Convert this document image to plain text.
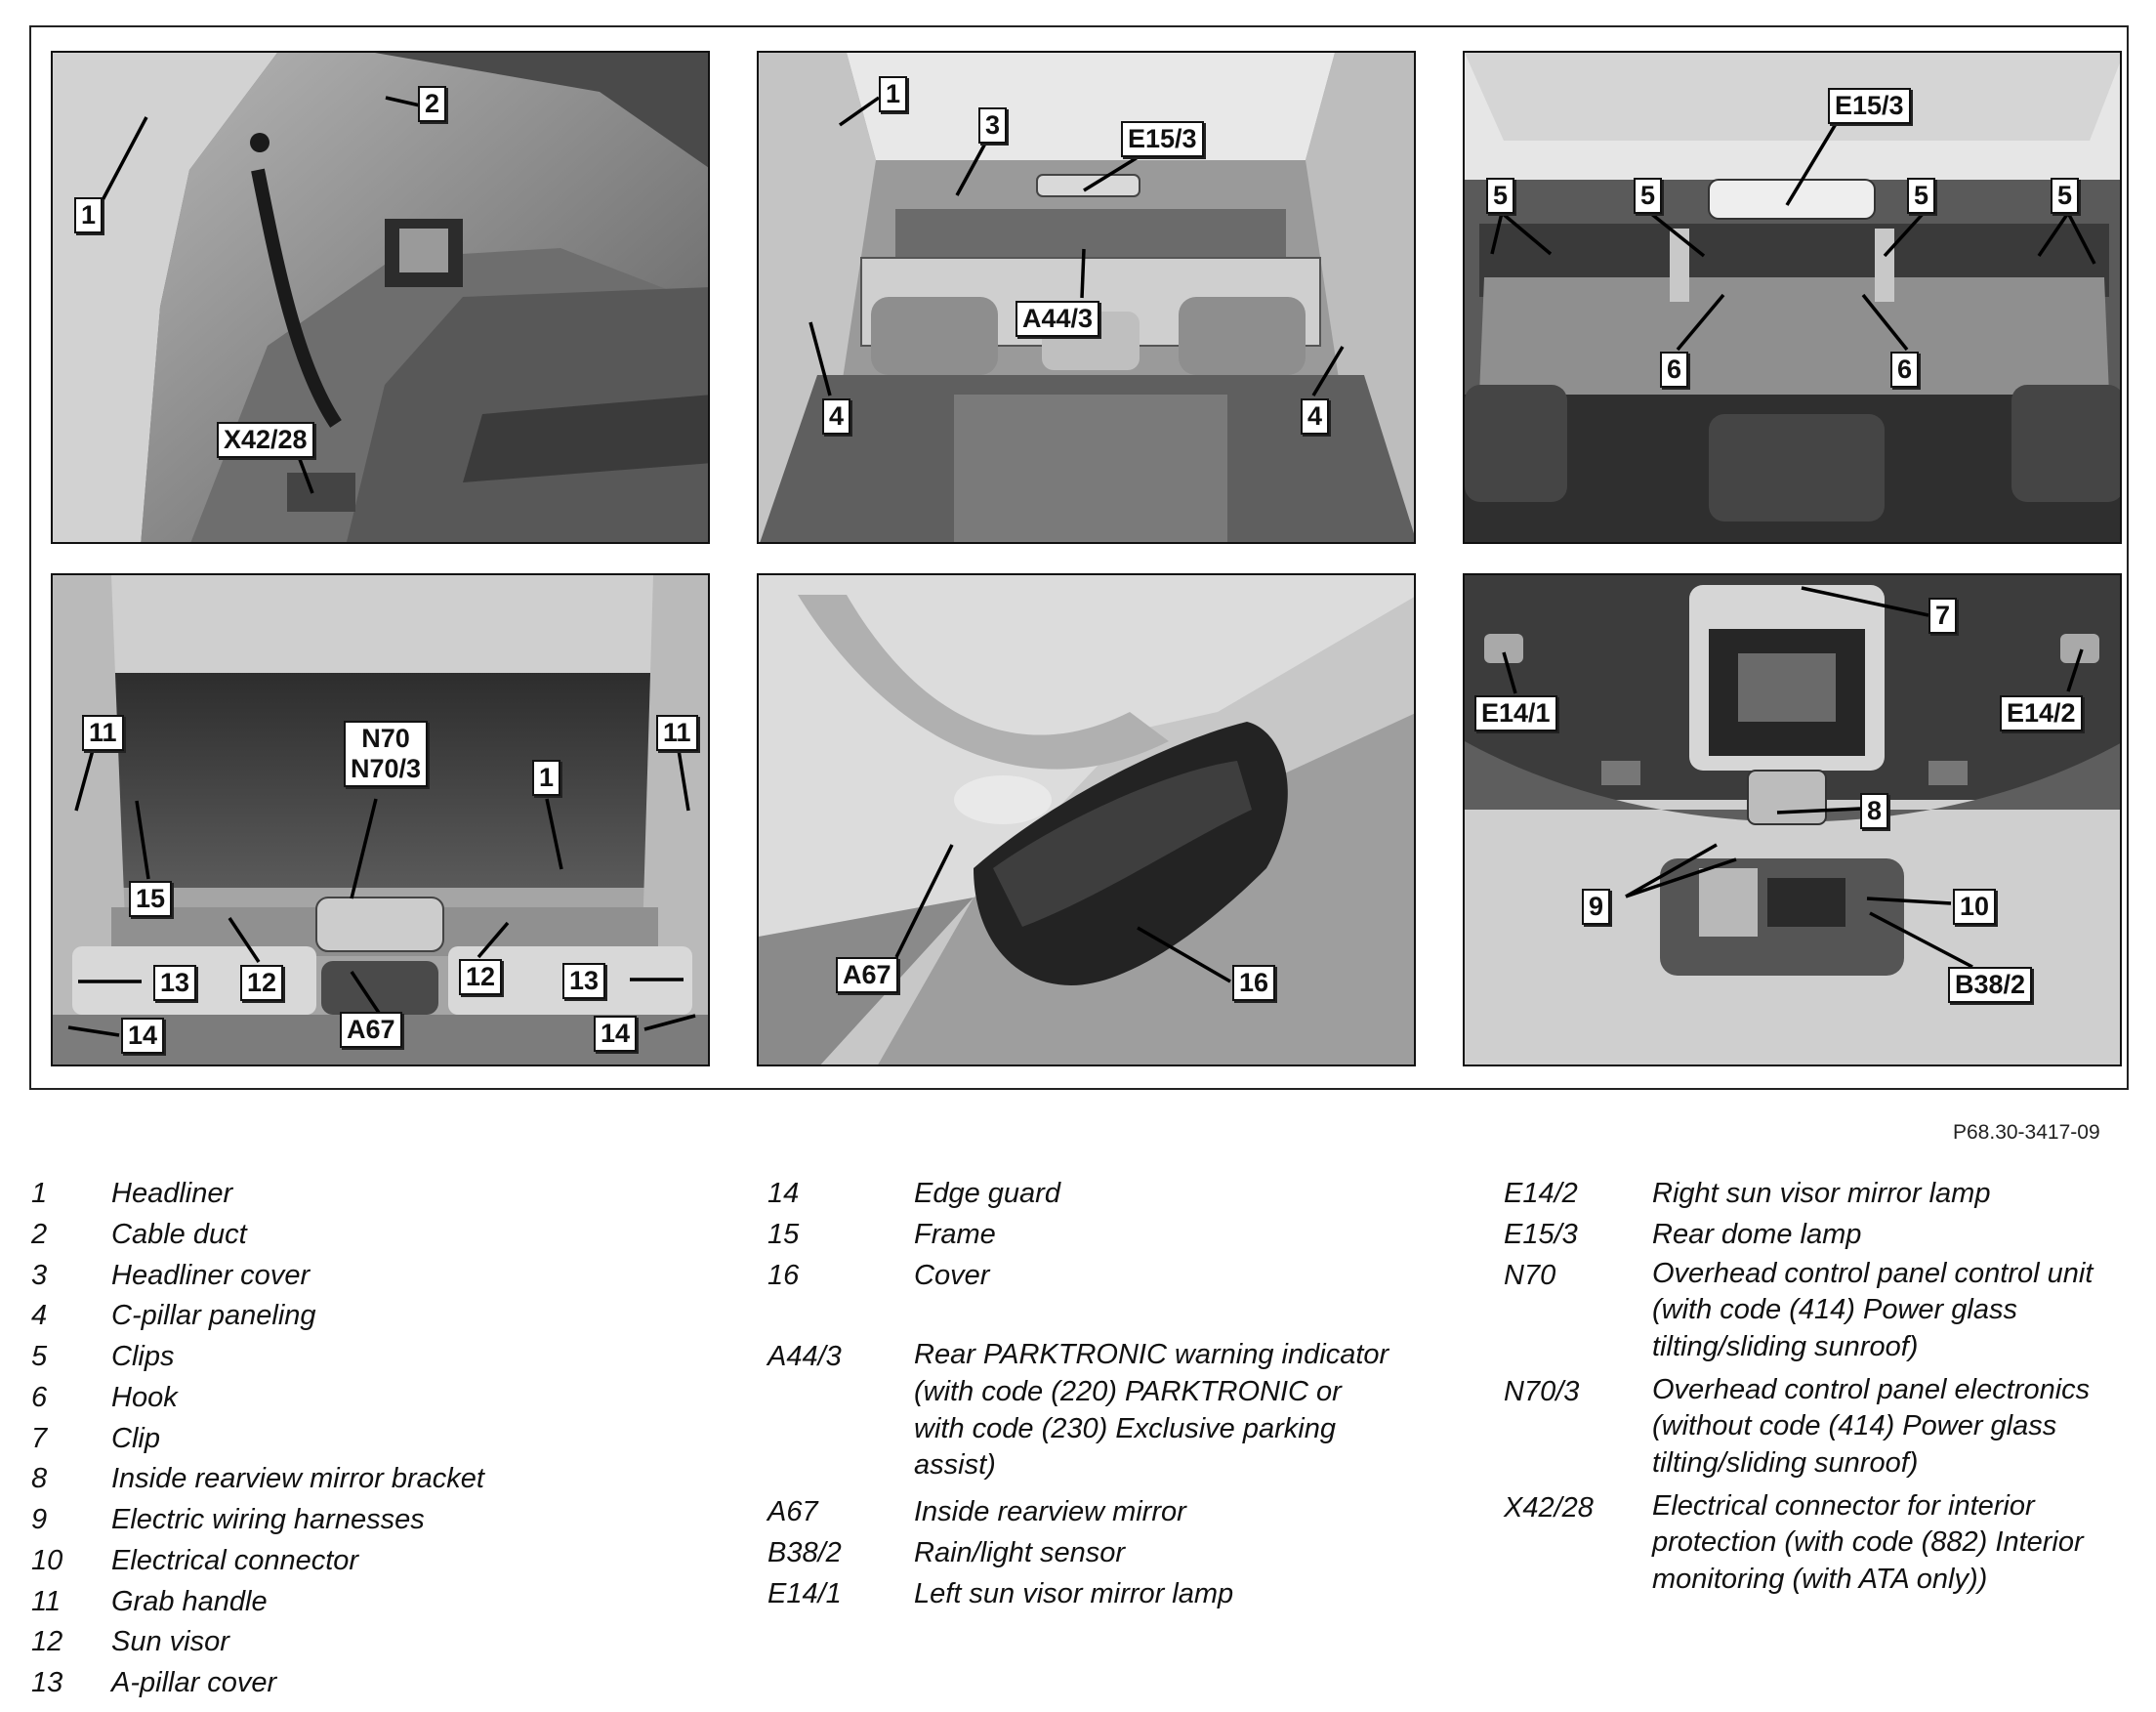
1
2
X42/28
1
3	E15/3
A44/3
4	4
E15/3
5	5	5	5
6	6
11	11
N70
N70/3	1
15
12	12
13	13
14	14
A67
A67	16
7
E14/1	E14/2
8
9	10
B38/2
P68.30-3417-09
1	Headliner
2	Cable duct
3	Headliner cover
4	C-pillar paneling
5	Clips
6	Hook
7	Clip
8	Inside rearview mirror bracket
9	Electric wiring harnesses
10	Electrical connector
11	Grab handle
12	Sun visor
13	A-pillar cover
14	Edge guard
15	Frame
16	Cover
A44/3	Rear PARKTRONIC warning indicator (with code (220) PARKTRONIC or with code (230) Exclusive parking assist)
A67	Inside rearview mirror
B38/2	Rain/light sensor
E14/1	Left sun visor mirror lamp
E14/2	Right sun visor mirror lamp
E15/3	Rear dome lamp
N70	Overhead control panel control unit (with code (414) Power glass tilting/sliding sunroof)
N70/3	Overhead control panel electronics (without code (414) Power glass tilting/sliding sunroof)
X42/28	Electrical connector for interior protection (with code (882) Interior monitoring (with ATA only))
